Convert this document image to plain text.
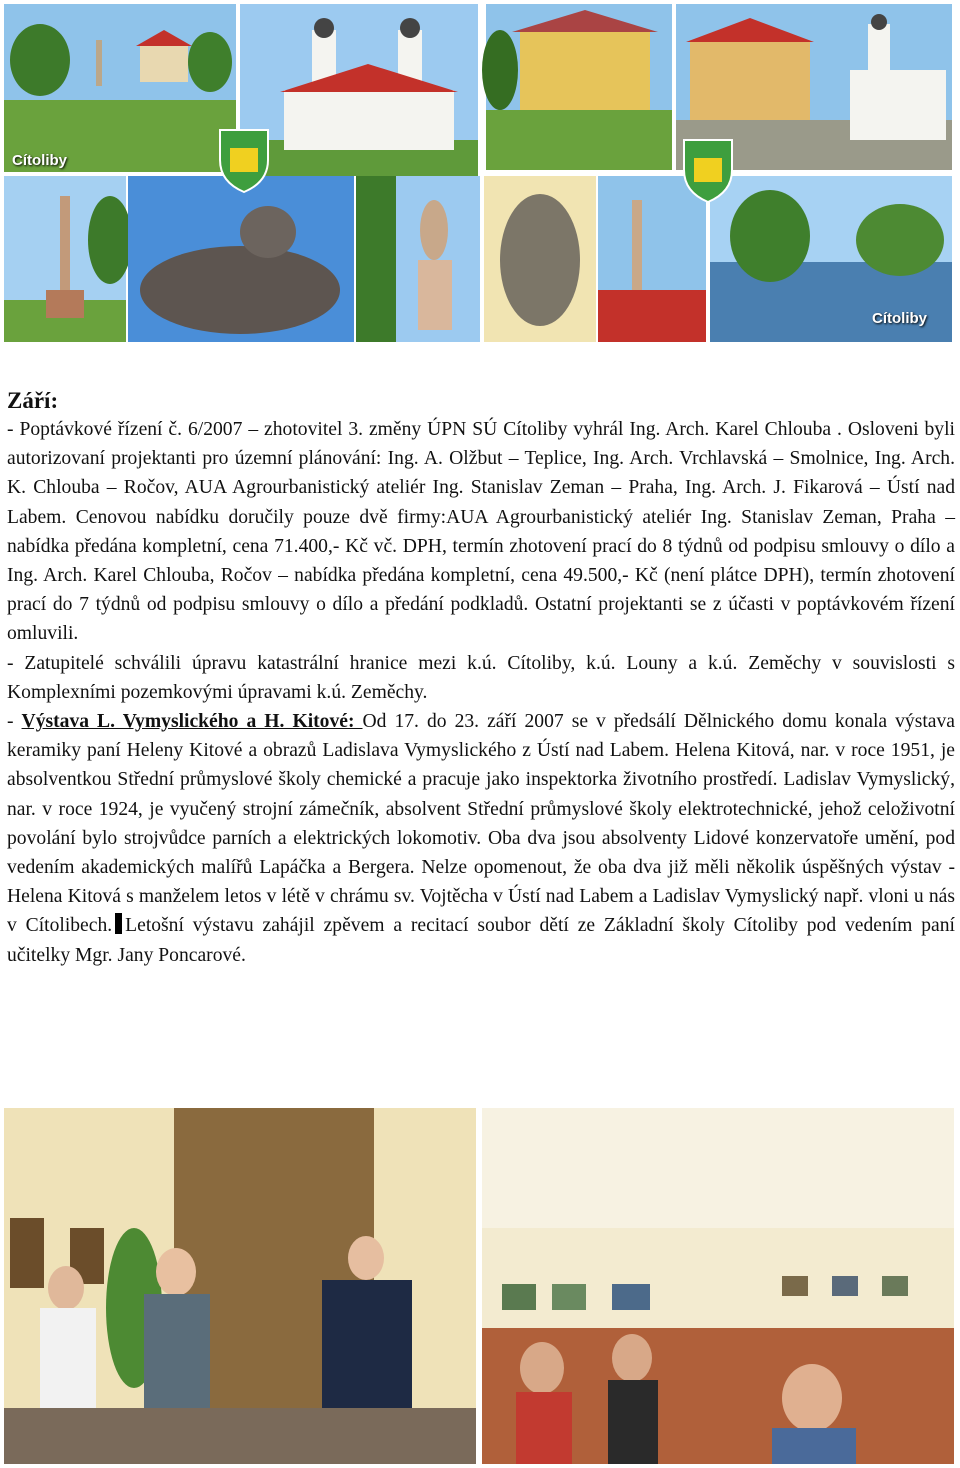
Cítoliby
Cítoliby
Září:

- Poptávkové řízení č. 6/2007 – zhotovitel 3. změny ÚPN SÚ Cítoliby vyhrál Ing. Arch. Karel Chlouba . Osloveni byli autorizovaní projektanti pro územní plánování: Ing. A. Olžbut – Teplice, Ing. Arch. Vrchlavská – Smolnice, Ing. Arch. K. Chlouba – Ročov, AUA Agrourbanistický ateliér Ing. Stanislav Zeman – Praha, Ing. Arch. J. Fikarová – Ústí nad Labem. Cenovou nabídku doručily pouze dvě firmy:AUA Agrourbanistický ateliér Ing. Stanislav Zeman, Praha – nabídka předána kompletní, cena 71.400,- Kč vč. DPH, termín zhotovení prací do 8 týdnů od podpisu smlouvy o dílo a Ing. Arch. Karel Chlouba, Ročov – nabídka předána kompletní, cena 49.500,- Kč (není plátce DPH), termín zhotovení prací do 7 týdnů od podpisu smlouvy o dílo a předání podkladů. Ostatní projektanti se z účasti v poptávkovém řízení omluvili.

- Zatupitelé schválili úpravu katastrální hranice mezi k.ú. Cítoliby, k.ú. Louny a k.ú. Zeměchy v souvislosti s Komplexními pozemkovými úpravami k.ú. Zeměchy.

- Výstava L. Vymyslického a H. Kitové: Od 17. do 23. září 2007 se v předsálí Dělnického domu konala výstava keramiky paní Heleny Kitové a obrazů Ladislava Vymyslického z Ústí nad Labem. Helena Kitová, nar. v roce 1951, je absolventkou Střední průmyslové školy chemické a pracuje jako inspektorka životního prostředí. Ladislav Vymyslický, nar. v roce 1924, je vyučený strojní zámečník, absolvent Střední průmyslové školy elektrotechnické, jehož celoživotní povolání bylo strojvůdce parních a elektrických lokomotiv. Oba dva jsou absolventy Lidové konzervatoře umění, pod vedením akademických malířů Lapáčka a Bergera. Nelze opomenout, že oba dva již měli několik úspěšných výstav - Helena Kitová s manželem letos v létě v chrámu sv. Vojtěcha v Ústí nad Labem a Ladislav Vymyslický např. vloni u nás v Cítolibech. Letošní výstavu zahájil zpěvem a recitací soubor dětí ze Základní školy Cítoliby pod vedením paní učitelky Mgr. Jany Poncarové.
